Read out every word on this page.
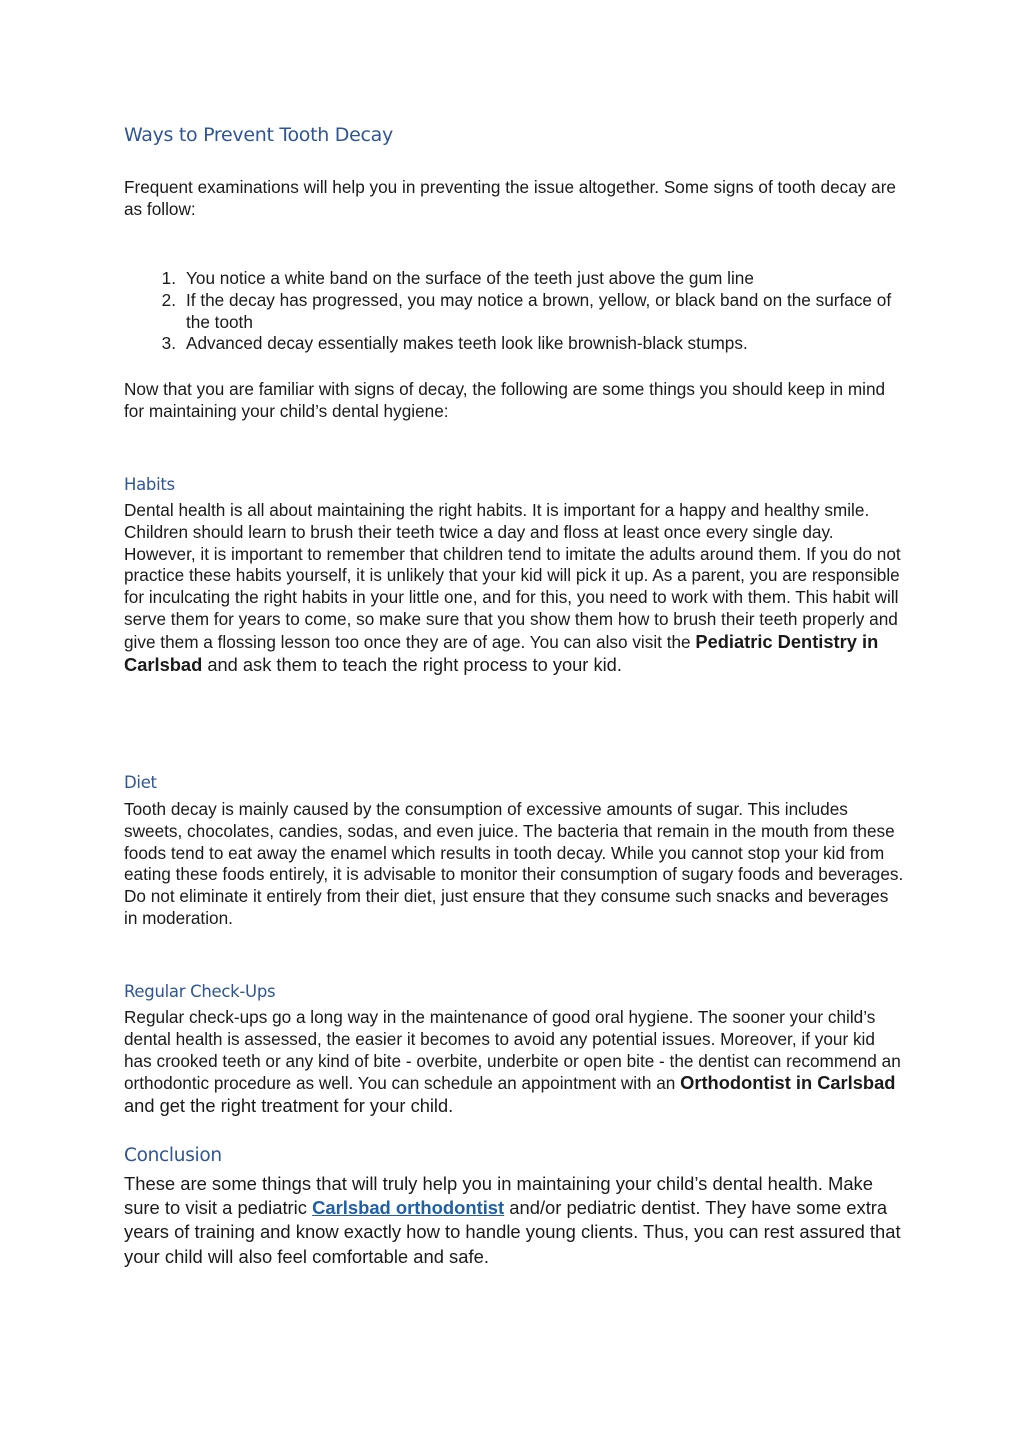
Ways to Prevent Tooth Decay

Frequent examinations will help you in preventing the issue altogether. Some signs of tooth decay are as follow:

1. You notice a white band on the surface of the teeth just above the gum line
2. If the decay has progressed, you may notice a brown, yellow, or black band on the surface of the tooth
3. Advanced decay essentially makes teeth look like brownish-black stumps.

Now that you are familiar with signs of decay, the following are some things you should keep in mind for maintaining your child’s dental hygiene:

Habits

Dental health is all about maintaining the right habits. It is important for a happy and healthy smile. Children should learn to brush their teeth twice a day and floss at least once every single day. However, it is important to remember that children tend to imitate the adults around them. If you do not practice these habits yourself, it is unlikely that your kid will pick it up. As a parent, you are responsible for inculcating the right habits in your little one, and for this, you need to work with them. This habit will serve them for years to come, so make sure that you show them how to brush their teeth properly and give them a flossing lesson too once they are of age. You can also visit the Pediatric Dentistry in Carlsbad and ask them to teach the right process to your kid.

Diet

Tooth decay is mainly caused by the consumption of excessive amounts of sugar. This includes sweets, chocolates, candies, sodas, and even juice. The bacteria that remain in the mouth from these foods tend to eat away the enamel which results in tooth decay. While you cannot stop your kid from eating these foods entirely, it is advisable to monitor their consumption of sugary foods and beverages. Do not eliminate it entirely from their diet, just ensure that they consume such snacks and beverages in moderation.

Regular Check-Ups

Regular check-ups go a long way in the maintenance of good oral hygiene. The sooner your child’s dental health is assessed, the easier it becomes to avoid any potential issues. Moreover, if your kid has crooked teeth or any kind of bite - overbite, underbite or open bite - the dentist can recommend an orthodontic procedure as well. You can schedule an appointment with an Orthodontist in Carlsbad and get the right treatment for your child.

Conclusion

These are some things that will truly help you in maintaining your child’s dental health. Make sure to visit a pediatric Carlsbad orthodontist and/or pediatric dentist. They have some extra years of training and know exactly how to handle young clients. Thus, you can rest assured that your child will also feel comfortable and safe.
